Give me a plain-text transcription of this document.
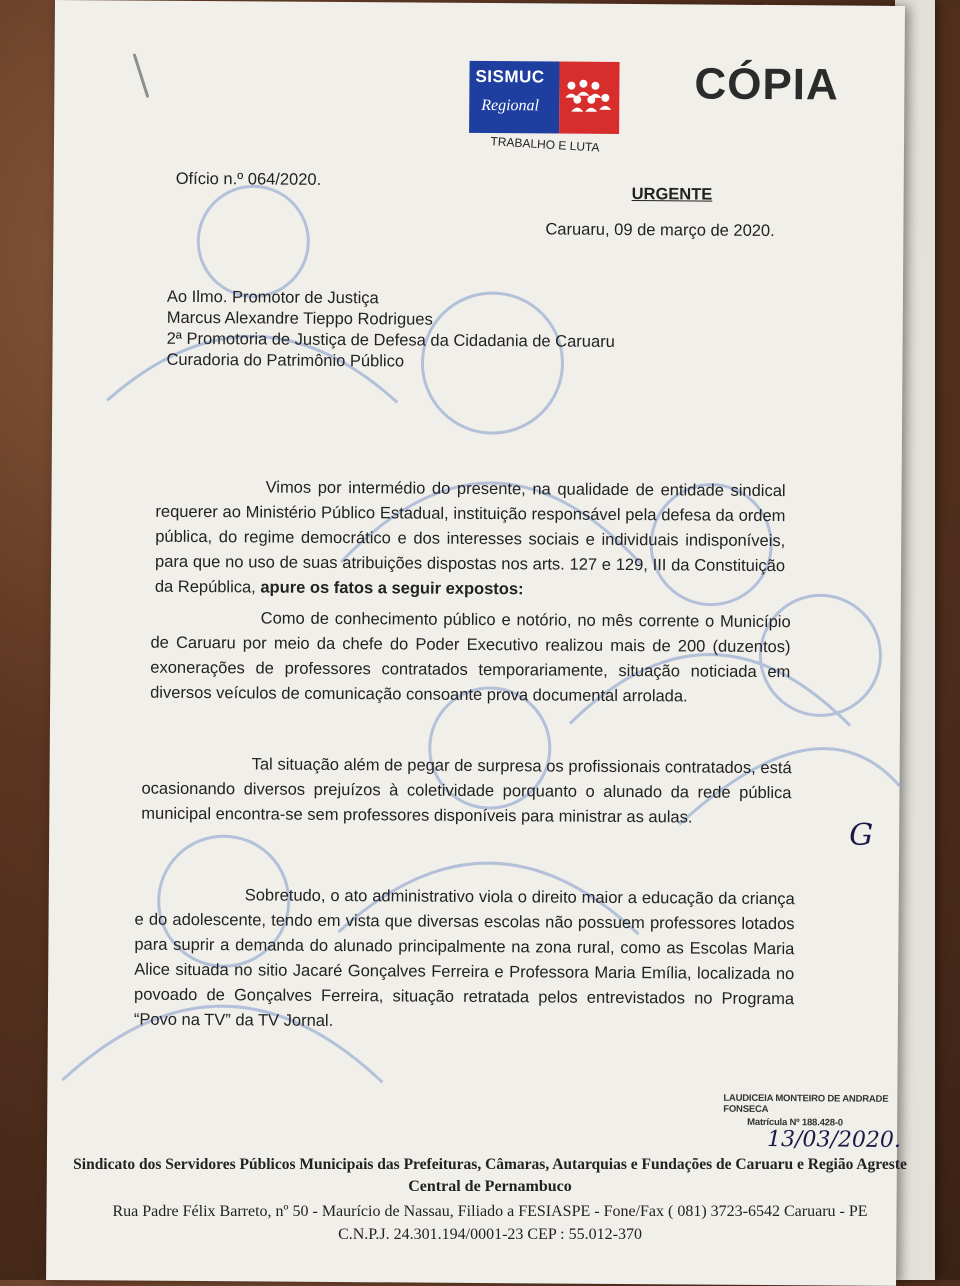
SISMUC
Regional
TRABALHO E LUTA
CÓPIA
Ofício n.º 064/2020.
URGENTE
Caruaru, 09 de março de 2020.
Ao Ilmo. Promotor de Justiça
Marcus Alexandre Tieppo Rodrigues
2ª Promotoria de Justiça de Defesa da Cidadania de Caruaru
Curadoria do Patrimônio Público

Vimos por intermédio do presente, na qualidade de entidade sindical requerer ao Ministério Público Estadual, instituição responsável pela defesa da ordem pública, do regime democrático e dos interesses sociais e individuais indisponíveis, para que no uso de suas atribuições dispostas nos arts. 127 e 129, III da Constituição da República, apure os fatos a seguir expostos:

Como de conhecimento público e notório, no mês corrente o Município de Caruaru por meio da chefe do Poder Executivo realizou mais de 200 (duzentos) exonerações de professores contratados temporariamente, situação noticiada em diversos veículos de comunicação consoante prova documental arrolada.

Tal situação além de pegar de surpresa os profissionais contratados, está ocasionando diversos prejuízos à coletividade porquanto o alunado da rede pública municipal encontra-se sem professores disponíveis para ministrar as aulas.

Sobretudo, o ato administrativo viola o direito maior a educação da criança e do adolescente, tendo em vista que diversas escolas não possuem professores lotados para suprir a demanda do alunado principalmente na zona rural, como as Escolas Maria Alice situada no sitio Jacaré Gonçalves Ferreira e Professora Maria Emília, localizada no povoado de Gonçalves Ferreira, situação retratada pelos entrevistados no Programa “Povo na TV” da TV Jornal.

G
LAUDICEIA MONTEIRO DE ANDRADE FONSECA
Matrícula Nº 188.428-0
13/03/2020.
Sindicato dos Servidores Públicos Municipais das Prefeituras, Câmaras, Autarquias e Fundações de Caruaru e Região Agreste
Central de Pernambuco
Rua Padre Félix Barreto, nº 50 - Maurício de Nassau, Filiado a FESIASPE - Fone/Fax ( 081) 3723-6542 Caruaru - PE
C.N.P.J. 24.301.194/0001-23 CEP : 55.012-370
